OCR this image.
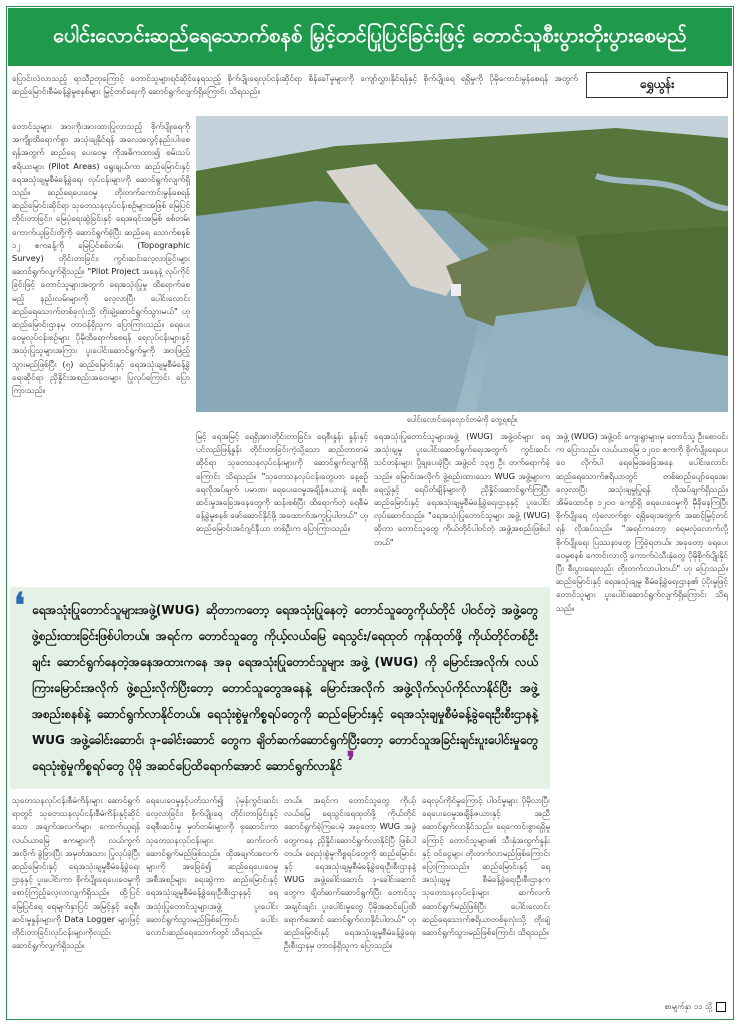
ပေါင်းလောင်းဆည်ရေသောက်စနစ် မြှင့်တင်ပြုပြင်ခြင်းဖြင့် တောင်သူစီးပွားတိုးပွားစေမည်
ရွှေယွန်း
ပြောင်းလဲလာသည့် ရာသီဥတုကြောင့် တောင်သူများရင်ဆိုင်နေရသည့် စိုက်ပျိုးရေလုပ်ငန်းဆိုင်ရာ စိန်ခေါ်မှုများကို ကျော်လွှားနိုင်ရန်နှင့် စိုက်ပျိုးရေ ရရှိမှုကို ပိုမိုကောင်းမွန်စေရန် အတွက် ဆည်မြောင်းစီမံခန့်ခွဲမှုစနစ်များ မြှင့်တင်ရေးကို ဆောင်ရွက်လျက်ရှိကြောင်း သိရသည်။
တောင်သူများ အားကိုးအားထားပြုလာသည့် စိုက်ပျိုးရေကို အကျိုးထိရောက်စွာ အသုံးချနိုင်ရန် အလေအလွင့်နည်းပါးစေရန်အတွက် ဆည်ရေ ပေးဝေမှု ကိုအဓိကထား၍ စမ်းသပ်ဧရိယာများ (Pilot Areas) ရွေးချယ်ကာ ဆည်မြောင်းနှင့် ရေအသုံးချမှုစီမံခန့်ခွဲရေး လုပ်ငန်းများကို ဆောင်ရွက်လျက်ရှိသည်။ ဆည်ရေပေးဝေမှု တိုးတက်ကောင်းမွန်စေရန် ဆည်မြောင်းဆိုင်ရာ သုတေသနလုပ်ငန်းစဉ်များအဖြစ် မြေပြင်တိုင်းတာခြင်း၊ မြေပုံရေးဆွဲခြင်းနှင့် ရေအရင်းအမြစ် စစ်တမ်းကောက်ယူခြင်းတို့ကို ဆောင်ရွက်ခဲ့ပြီး ဆည်ရေ သောက်စနစ် ၁၂ ဧကခန့်ကို မြေပြင်စစ်တမ်း (Topographic Survey) တိုင်းတာခြင်း၊ ကွင်းဆင်းလေ့လာခြင်းများ ဆောင်ရွက်လျက်ရှိသည်။ "Pilot Project အနေနဲ့ လုပ်ကိုင်ခြင်းဖြင့် တောင်သူများအတွက် ရေအသုံးပြုမှု ထိရောက်စေမည့် နည်းလမ်းများကို လေ့လာပြီး ပေါင်းလောင်းဆည်ရေသောက်တစ်ခုလုံးသို့ တိုးချဲ့ဆောင်ရွက်သွားမယ်" ဟု ဆည်မြောင်းဌာနမှ တာဝန်ရှိသူက ပြောကြားသည်။ ရေပေးဝေမှုလုပ်ငန်းစဉ်များ ပိုမိုထိရောက်စေရန် ရေလုပ်ငန်းများနှင့် အသုံးပြုသူများအကြား ပူးပေါင်းဆောင်ရွက်မှုကို အားဖြည့်သွားမည်ဖြစ်ပြီး (၅) ဆည်မြောင်းနှင့် ရေအသုံးချမှုစီမံခန့်ခွဲရေးဆိုင်ရာ ညှိနှိုင်းအစည်းအဝေးများ ပြုလုပ်ကြောင်း ပြောကြားသည်။
ပေါင်းလောင်းရေလှောင်တမံကို တွေ့ရစဉ်။
မြင့် ရေအမြင့် ရေရှိအားတိုင်းတာခြင်း၊ ရေစီးနှုန်း နှုန်းနှင့် ပင်လည်ဖြန့်နှုန်း တိုင်းတာခြင်းကဲ့သို့သော ဆည်တာတမံဆိုင်ရာ သုတေသနလုပ်ငန်းများကို ဆောင်ရွက်လျက်ရှိကြောင်း သိရသည်။ "သုတေသနလုပ်ငန်းတွေဟာ နေ့စဉ်ရေလိုအပ်ချက် ပမာဏ၊ ရေပေးဝေမှုအချိန်ဇယားနဲ့ ရေစီးဆင်းမှုအခြေအနေတွေကို ဆန်းစစ်ပြီး ထိရောက်တဲ့ ရေစီမံခန့်ခွဲမှုစနစ် ဖော်ဆောင်နိုင်ဖို့ အထောက်အကူပြုပါတယ်" ဟု ဆည်မြောင်းအင်ဂျင်နီယာ တစ်ဦးက ပြောကြားသည်။
ရေအသုံးပြုတောင်သူများအဖွဲ့ (WUG) အဖွဲ့ဝင်များ ရေအသုံးချမှု ပူးပေါင်းဆောင်ရွက်ရေးအတွက် ကွင်းဆင်းသင်တန်းများ ပို့ချပေးခဲ့ပြီး အဖွဲ့ဝင် ၁၃၅ ဦး တက်ရောက်ခဲ့သည်။ မြောင်းအလိုက် ဖွဲ့စည်းထားသော WUG အဖွဲ့များက ရေလွှဲနှင့် ရေပိတ်ချိန်များကို ညှိနှိုင်းဆောင်ရွက်ကြပြီး ဆည်မြောင်းနှင့် ရေအသုံးချမှုစီမံခန့်ခွဲရေးဌာနနှင့် ပူးပေါင်းလုပ်ဆောင်သည်။ "ရေအသုံးပြုတောင်သူများ အဖွဲ့ (WUG) ဆိုတာ တောင်သူတွေ ကိုယ်တိုင်ပါဝင်တဲ့ အဖွဲ့အစည်းဖြစ်ပါတယ်"
အဖွဲ့ (WUG) အဖွဲ့ဝင် ကျေးရွာများမှ တောင်သူ ဦးစောဝင်းက ပြောသည်။ လယ်ယာမြေ ၁၂၀၀ ဧကကို စိုက်ပျိုးရေပေးဝေ လိုက်ပါ ရေမြေအခြေအနေ ပေါင်းလောင်းဆည်ရေသောက်ဧရိယာတွင် တစ်ဆည်ပျော်ရေအေး လေ့လာပြီး အသုံးချမှုပြုရန် လိုအပ်ချက်ရှိသည်။ အိမ်ထောင်စု ၁၂၀၀ ကျော်ရှိ ရေပေးဝေမှုကို မှီခိုနေကြပြီး စိုက်ပျိုးရေ လုံလောက်စွာ ရရှိရေးအတွက် အဆင့်မြှင့်တင်ရန် လိုအပ်သည်။ "အရင်ကတော့ ရေမလုံလောက်လို့ စိုက်ပျိုးရေး ပြဿနာတွေ ကြုံခဲ့ရတယ်။ အခုတော့ ရေပေးဝေမှုစနစ် ကောင်းလာလို့ ကောက်ပဲသီးနှံတွေ ပိုမိုစိုက်ပျိုးနိုင်ပြီး စီးပွားရေးလည်း တိုးတက်လာပါတယ်" ဟု ပြောသည်။ ဆည်မြောင်းနှင့် ရေအသုံးချမှု စီမံခန့်ခွဲရေးဌာန၏ ပံ့ပိုးမှုဖြင့် တောင်သူများ ပူးပေါင်းဆောင်ရွက်လျက်ရှိကြောင်း သိရသည်။
❛ ရေအသုံးပြုတောင်သူများအဖွဲ့(WUG) ဆိုတာကတော့ ရေအသုံးပြုနေတဲ့ တောင်သူတွေကိုယ်တိုင် ပါဝင်တဲ့ အဖွဲ့တွေဖွဲ့စည်းထားခြင်းဖြစ်ပါတယ်။ အရင်က တောင်သူတွေ ကိုယ့်လယ်မြေ ရေသွင်း/ရေထုတ် ကုန်ထုတ်ဖို့ ကိုယ်တိုင်တစ်ဦးချင်း ဆောင်ရွက်နေတဲ့အနေအထားကနေ အခု ရေအသုံးပြုတောင်သူများ အဖွဲ့ (WUG) ကို မြောင်းအလိုက်၊ လယ်ကြားမြောင်းအလိုက် ဖွဲ့စည်းလိုက်ပြီးတော့ တောင်သူတွေအနေနဲ့ မြောင်းအလိုက် အဖွဲ့လိုက်လုပ်ကိုင်လာနိုင်ပြီး အဖွဲ့အစည်းစနစ်နဲ့ ဆောင်ရွက်လာနိုင်တယ်။ ရေသုံးစွဲမှုကိစ္စရပ်တွေကို ဆည်မြောင်းနှင့် ရေအသုံးချမှုစီမံခန့်ခွဲရေးဦးစီးဌာနနဲ့ WUG အဖွဲ့ခေါင်းဆောင်၊ ဒု-ခေါင်းဆောင် တွေက ချိတ်ဆက်ဆောင်ရွက်ပြီးတော့ တောင်သူအခြင်းချင်းပူးပေါင်းမှုတွေ ရေသုံးစွဲမှုကိစ္စရပ်တွေ ပိုမို အဆင်ပြေထိရောက်အောင် ဆောင်ရွက်လာနိုင် ❜
သုတေသနလုပ်ငန်းစီမံကိန်းများ ဆောင်ရွက်ရာတွင် သုတေသနလုပ်ငန်းစီမံကိန်းနှင့်ဆိုင်သော အချက်အလက်များ ကောက်ယူရန် လယ်ယာမြေ ဧကများကို လယ်ကွက်အလိုက် ခွဲခြားပြီး အမှတ်အသား ပြုလုပ်ခဲ့ပြီး ဆည်မြောင်းနှင့် ရေအသုံးချမှုစီမံခန့်ခွဲရေးဌာနနှင့် ပူးပေါင်းကာ စိုက်ပျိုးရေပေးဝေမှုကို စောင့်ကြည့်လေ့လာလျက်ရှိသည်။ ထို့ပြင် မြေပြင်ရေ ရေမျက်နှာပြင် အမြင့်နှင့် ရေစီးဆင်းမှုနှုန်းများကို Data Logger များဖြင့် တိုင်းတာခြင်းလုပ်ငန်းများကိုလည်း ဆောင်ရွက်လျက်ရှိသည်။
ရေပေးဝေမှုနှင့်ပတ်သက်၍ ပုံမှန်ကွင်းဆင်းလေ့လာခြင်း၊ စိုက်ပျိုးရေ တိုင်းတာခြင်းနှင့် ရေစီးဆင်းမှု မှတ်တမ်းများကို စုဆောင်းကာ သုတေသနလုပ်ငန်းများ ဆက်လက်ဆောင်ရွက်မည်ဖြစ်သည်။ ထိုအချက်အလက်များကို အခြေခံ၍ ဆည်ရေပေးဝေမှုအစီအစဉ်များ ရေးဆွဲကာ ဆည်မြောင်းနှင့် ရေအသုံးချမှုစီမံခန့်ခွဲရေးဦးစီးဌာနနှင့် ရေအသုံးပြုတောင်သူများအဖွဲ့ ပူးပေါင်းဆောင်ရွက်သွားမည်ဖြစ်ကြောင်း ပေါင်းလောင်းဆည်ရေသောက်တွင် သိရသည်။
တယ်။ အရင်က တောင်သူတွေ ကိုယ့်လယ်မြေ ရေသွင်းရေထုတ်ဖို့ ကိုယ်တိုင်ဆောင်ရွက်ခဲ့ကြပေမဲ့ အခုတော့ WUG အဖွဲ့ တွေကနေ ညှိနှိုင်းဆောင်ရွက်လာနိုင်ပြီ ဖြစ်ပါတယ်။ ရေသုံးစွဲမှုကိစ္စရပ်တွေကို ဆည်မြောင်းနှင့် ရေအသုံးချမှုစီမံခန့်ခွဲရေးဦးစီးဌာနနဲ့ WUG အဖွဲ့ခေါင်းဆောင်၊ ဒု-ခေါင်းဆောင်တွေက ချိတ်ဆက်ဆောင်ရွက်ပြီး တောင်သူအချင်းချင်း ပူးပေါင်းမှုတွေ ပိုမိုအဆင်ပြေထိရောက်အောင် ဆောင်ရွက်လာနိုင်ပါတယ်" ဟု ဆည်မြောင်းနှင့် ရေအသုံးချမှုစီမံခန့်ခွဲရေးဦးစီးဌာနမှ တာဝန်ရှိသူက ပြောသည်။
ရေလုပ်ကိုင်မှုကြောင့် ပါဝင်မှုများ ပိုမိုလာပြီး ရေပေးဝေမှုအချိန်ဇယားနှင့် အညီ ဆောင်ရွက်လာနိုင်သည်။ ရေကောင်းစွာရရှိမှုကြောင့် တောင်သူများ၏ သီးနှံအထွက်နှုန်းနှင့် ဝင်ငွေများ တိုးတက်လာမည်ဖြစ်ကြောင်း ပြောကြားသည်။ ဆည်မြောင်းနှင့် ရေအသုံးချမှု စီမံခန့်ခွဲရေးဦးစီးဌာနက သုတေသနလုပ်ငန်းများ ဆက်လက်ဆောင်ရွက်မည်ဖြစ်ပြီး ပေါင်းလောင်းဆည်ရေသောက်ဧရိယာတစ်ခုလုံးသို့ တိုးချဲ့ဆောင်ရွက်သွားမည်ဖြစ်ကြောင်း သိရသည်။
စာမျက်နှာ ၁၁ သို့
